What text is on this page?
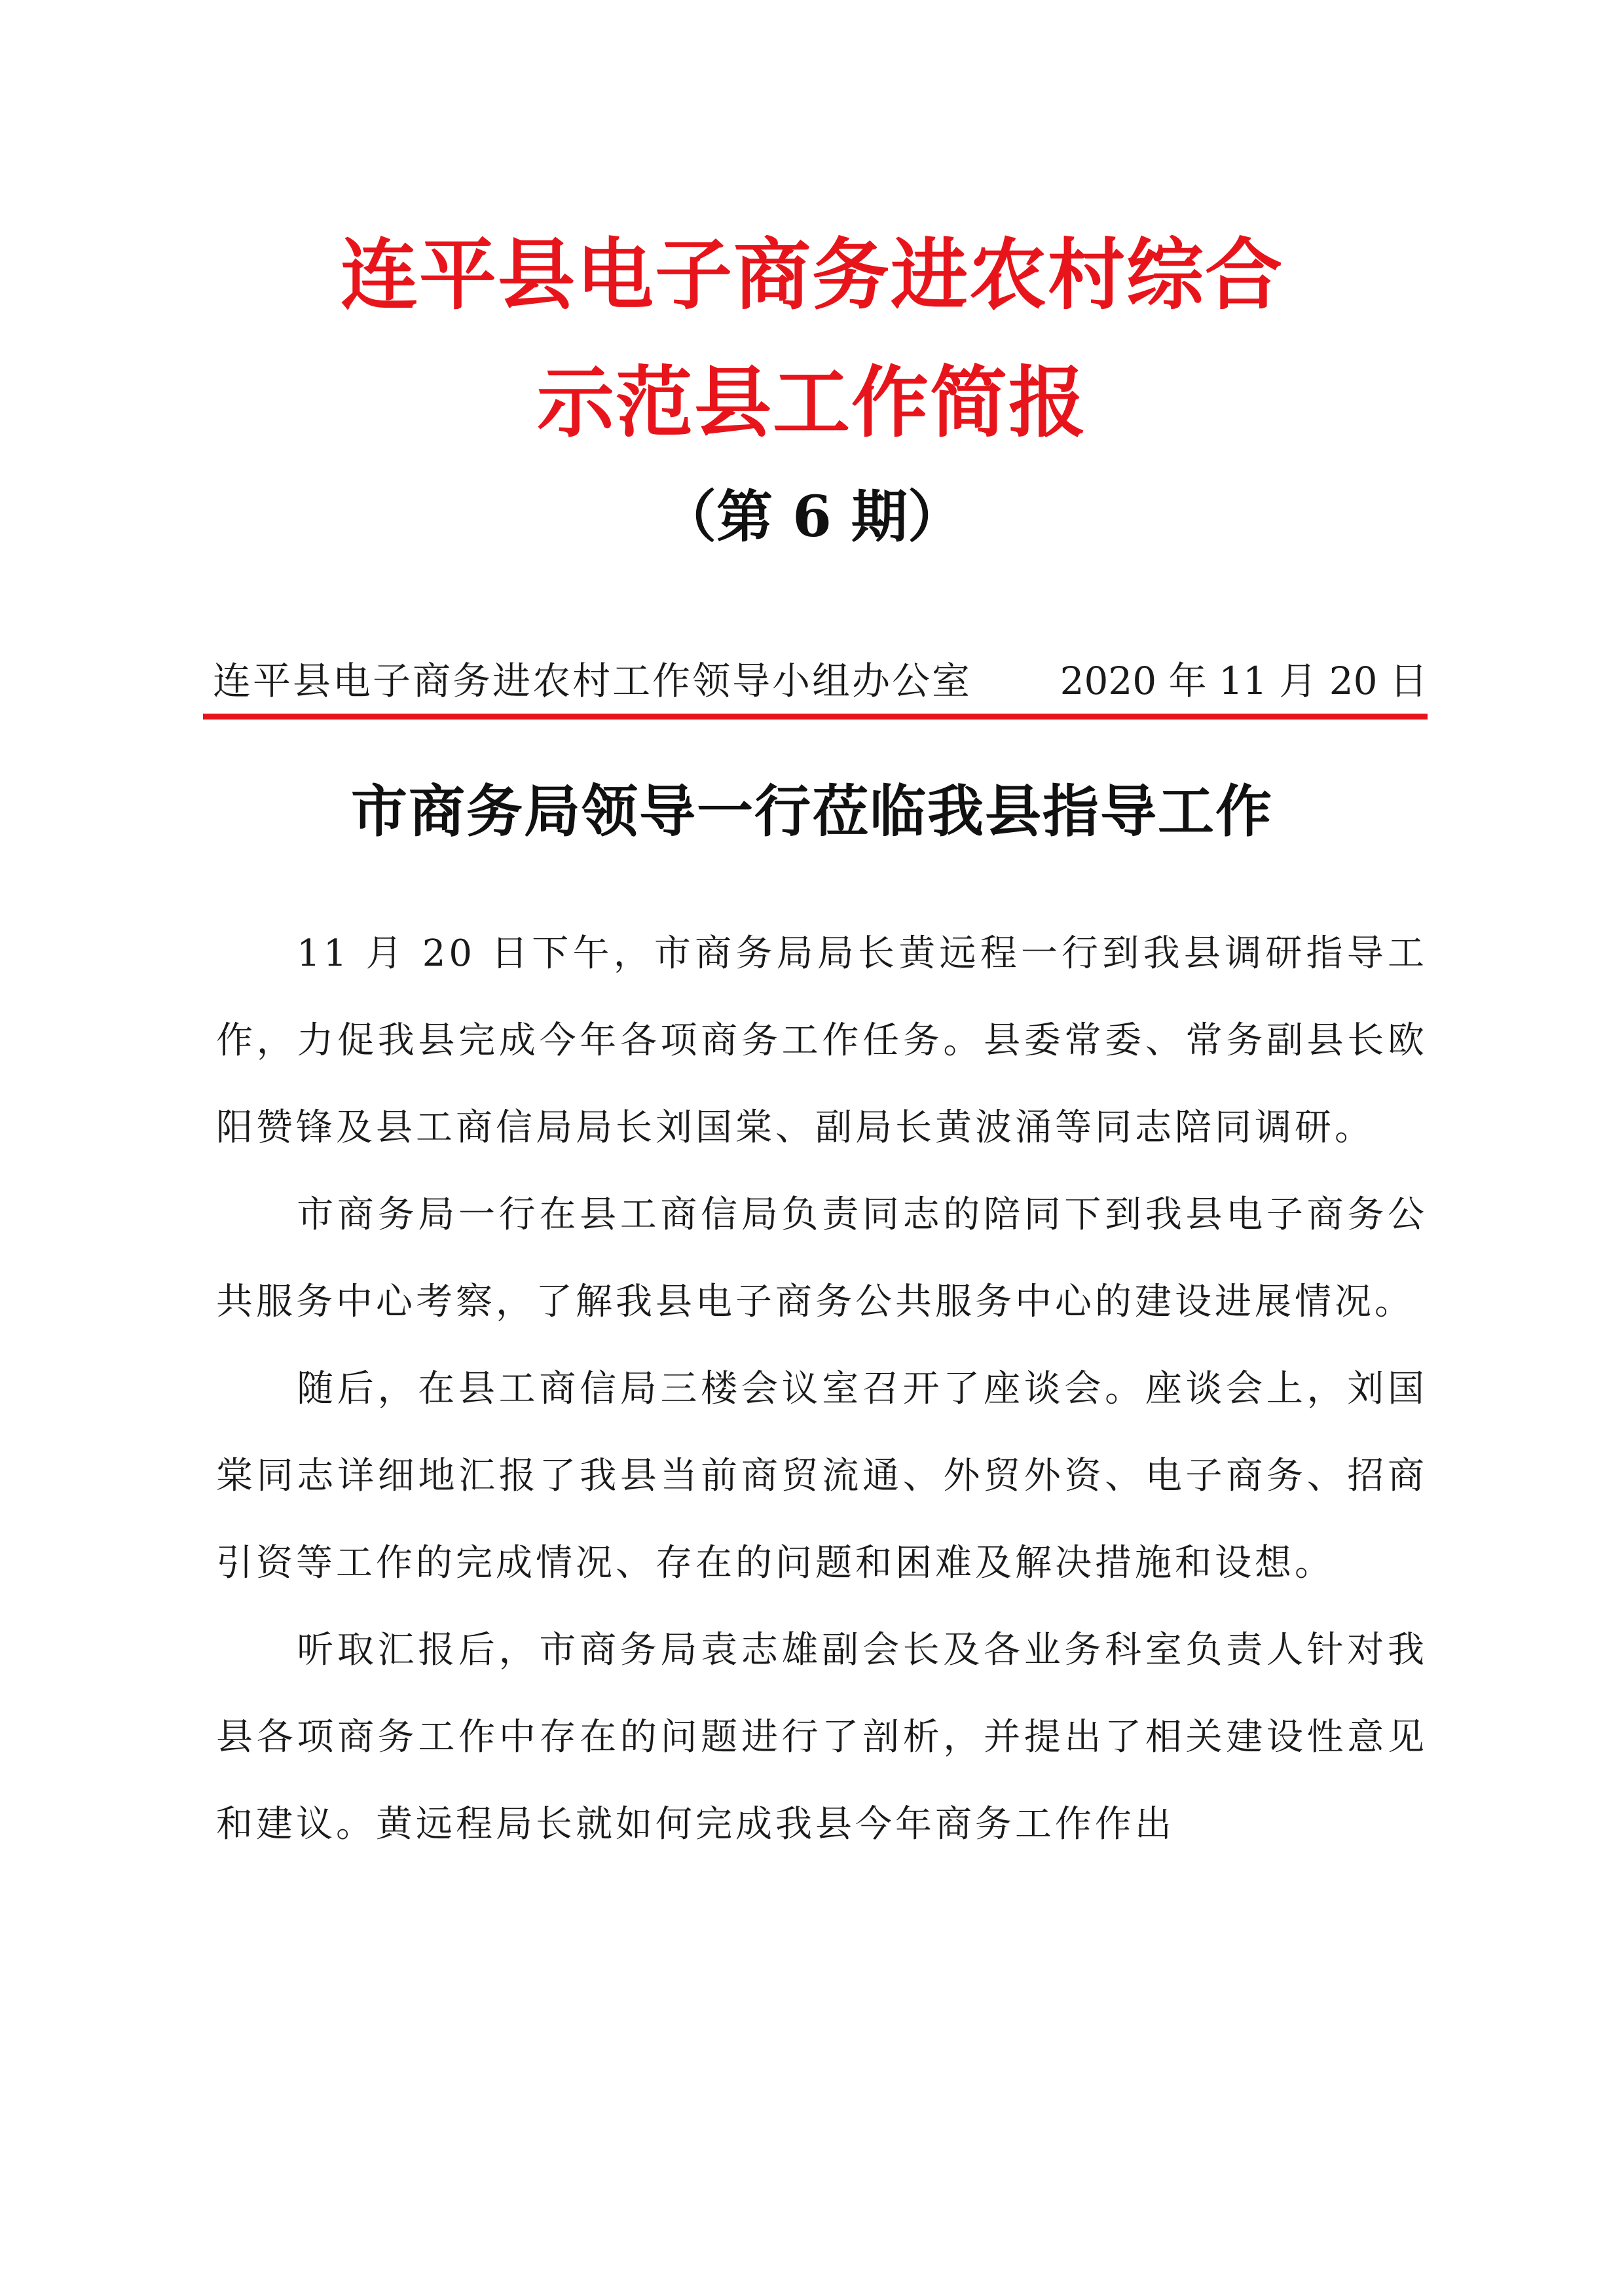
连平县电子商务进农村综合
示范县工作简报
（第 6 期）
连平县电子商务进农村工作领导小组办公室 2020 年 11 月 20 日
市商务局领导一行莅临我县指导工作

11 月 20 日下午，市商务局局长黄远程一行到我县调研指导工作，力促我县完成今年各项商务工作任务。县委常委、常务副县长欧阳赞锋及县工商信局局长刘国棠、副局长黄波涌等同志陪同调研。

市商务局一行在县工商信局负责同志的陪同下到我县电子商务公共服务中心考察，了解我县电子商务公共服务中心的建设进展情况。

随后，在县工商信局三楼会议室召开了座谈会。座谈会上，刘国棠同志详细地汇报了我县当前商贸流通、外贸外资、电子商务、招商引资等工作的完成情况、存在的问题和困难及解决措施和设想。

听取汇报后，市商务局袁志雄副会长及各业务科室负责人针对我县各项商务工作中存在的问题进行了剖析，并提出了相关建设性意见和建议。黄远程局长就如何完成我县今年商务工作作出
